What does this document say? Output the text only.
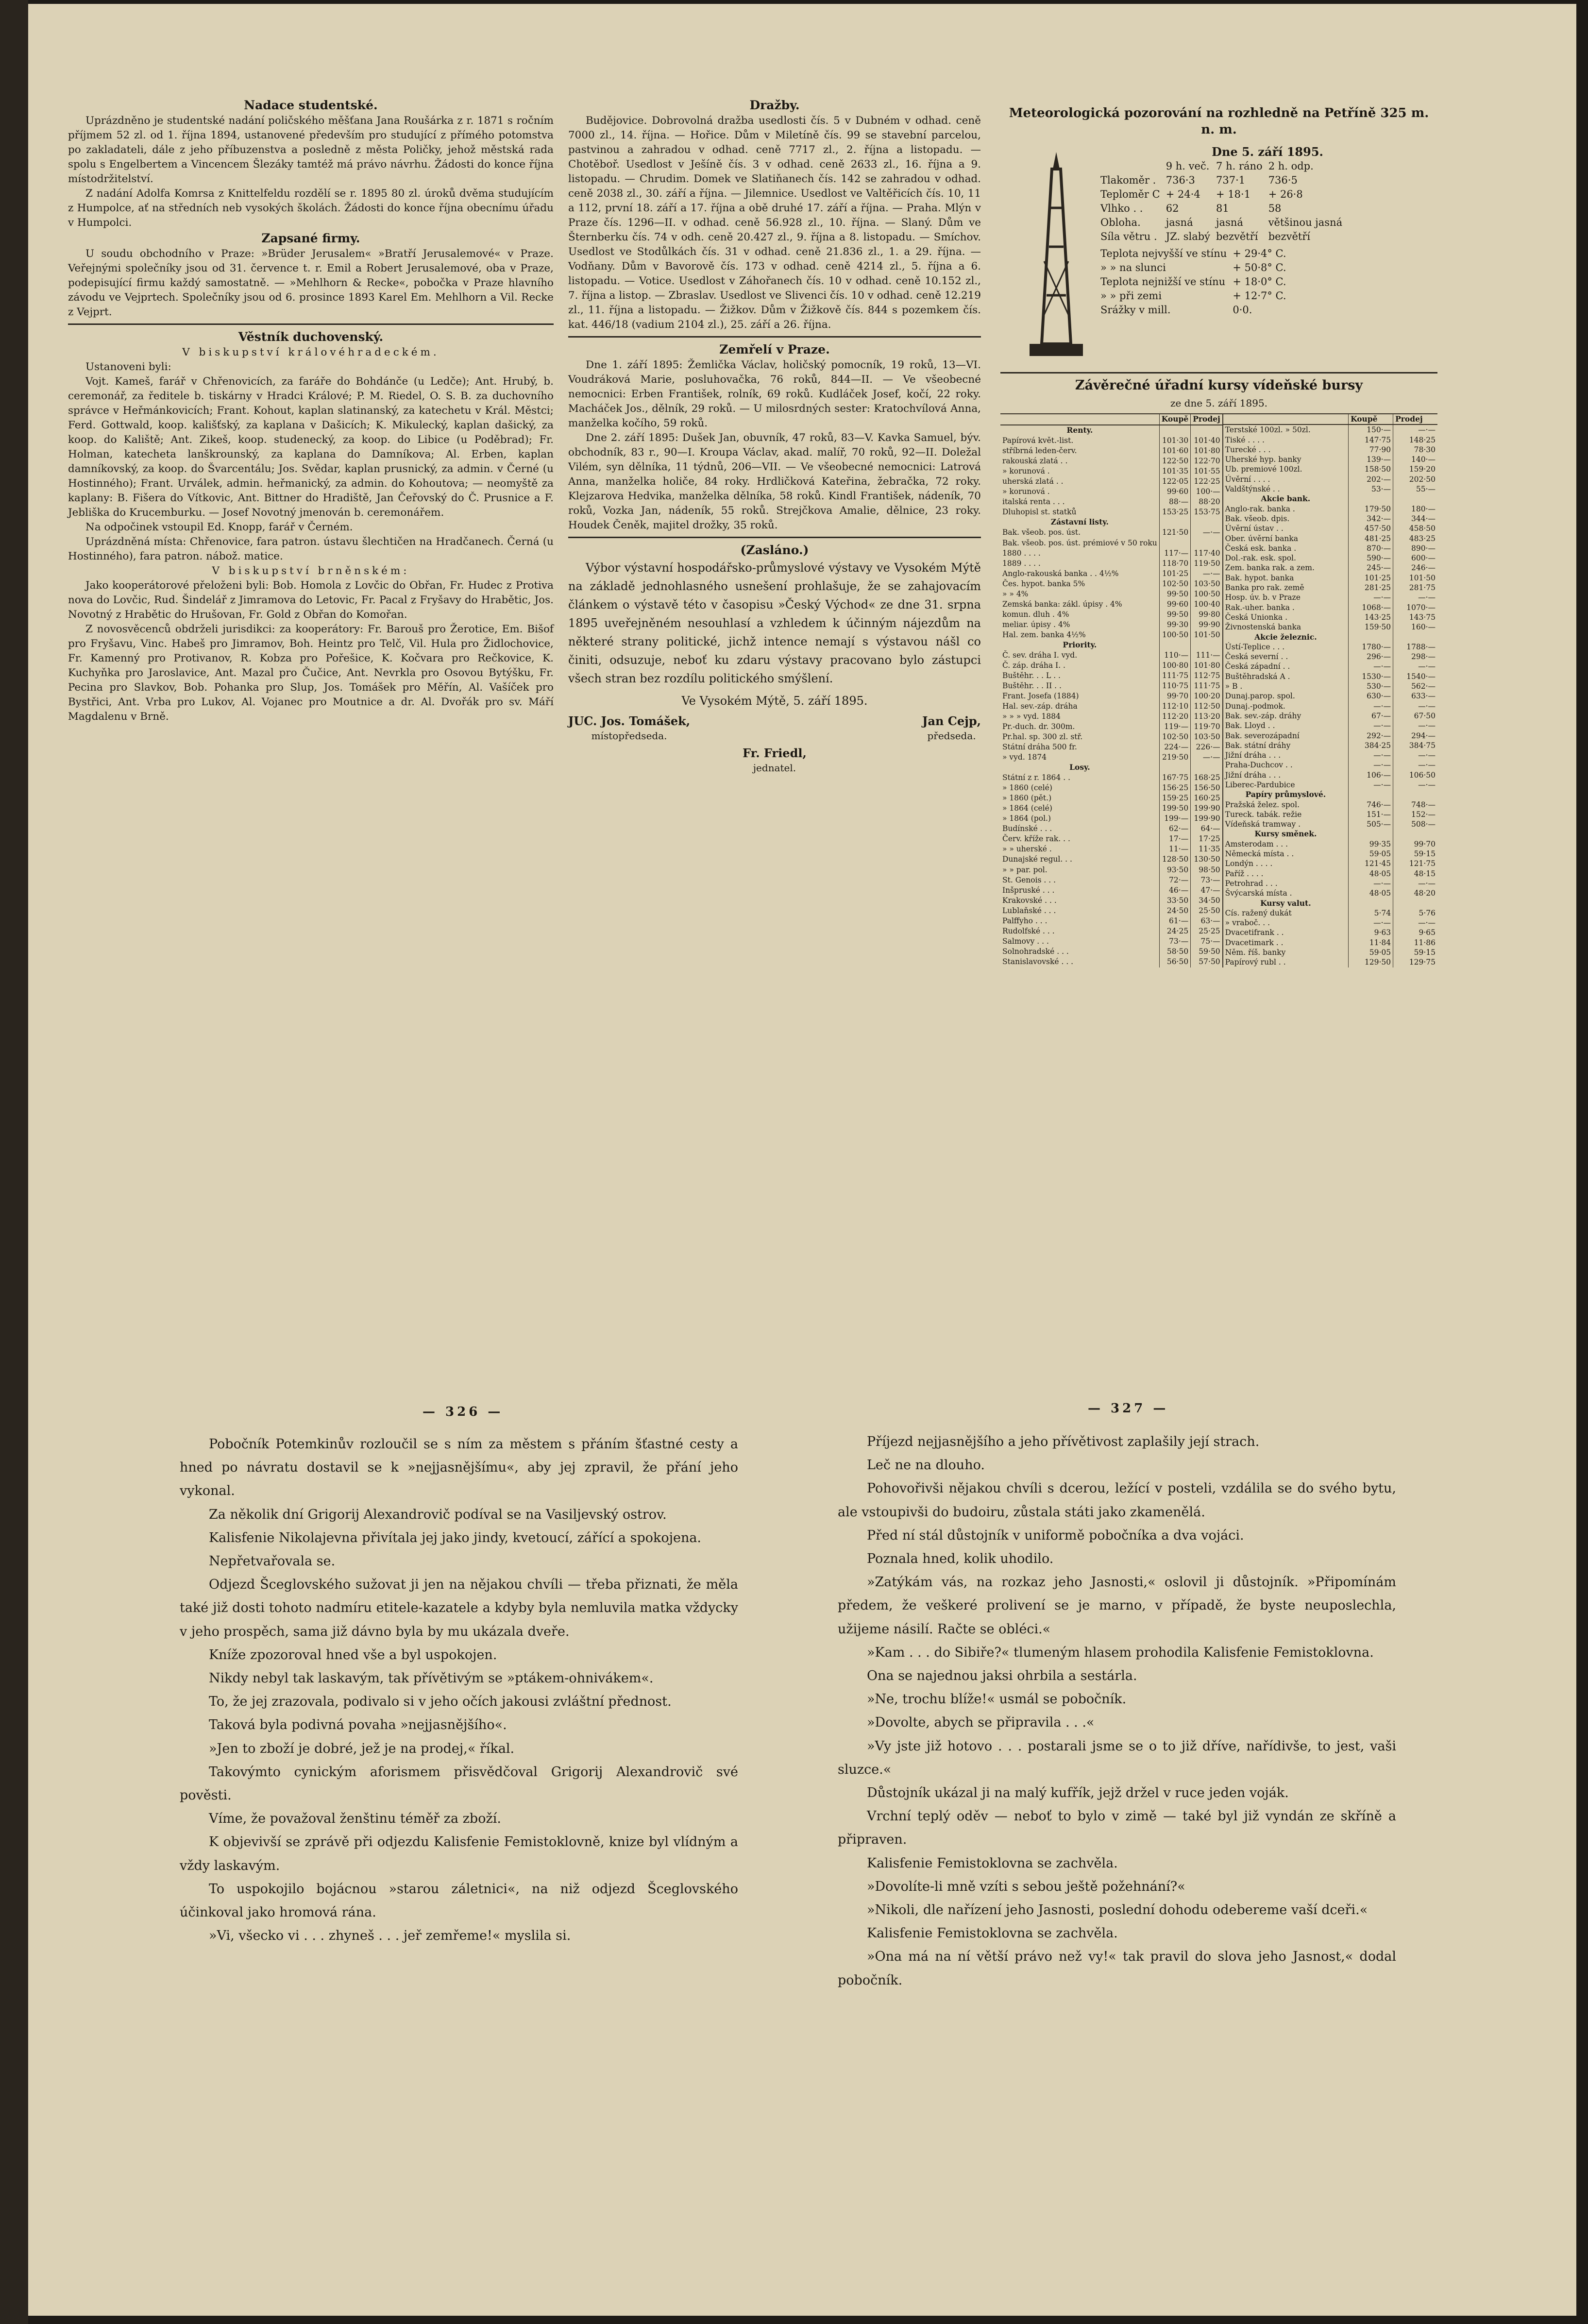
Nadace studentské.

Uprázdněno je studentské nadání poličského měšťana Jana Roušárka z r. 1871 s ročním příjmem 52 zl. od 1. října 1894, ustanovené především pro studující z přímého potomstva po zakladateli, dále z jeho příbuzenstva a posledně z města Poličky, jehož městská rada spolu s Engelbertem a Vincencem Šlezáky tamtéž má právo návrhu. Žádosti do konce října místodržitelství.

Z nadání Adolfa Komrsa z Knittelfeldu rozdělí se r. 1895 80 zl. úroků dvěma studujícím z Humpolce, ať na středních neb vysokých školách. Žádosti do konce října obecnímu úřadu v Humpolci.

Zapsané firmy.

U soudu obchodního v Praze: »Brüder Jerusalem« »Bratří Jerusalemové« v Praze. Veřejnými společníky jsou od 31. července t. r. Emil a Robert Jerusalemové, oba v Praze, podepisující firmu každý samostatně. — »Mehlhorn & Recke«, pobočka v Praze hlavního závodu ve Vejprtech. Společníky jsou od 6. prosince 1893 Karel Em. Mehlhorn a Vil. Recke z Vejprt.

Věstník duchovenský.

V biskupství královéhradeckém.

Ustanoveni byli:

Vojt. Kameš, farář v Chřenovicích, za faráře do Bohdánče (u Ledče); Ant. Hrubý, b. ceremonář, za ředitele b. tiskárny v Hradci Králové; P. M. Riedel, O. S. B. za duchovního správce v Heřmánkovicích; Frant. Kohout, kaplan slatinanský, za katechetu v Král. Městci; Ferd. Gottwald, koop. kališťský, za kaplana v Dašicích; K. Mikulecký, kaplan dašický, za koop. do Kaliště; Ant. Zikeš, koop. studenecký, za koop. do Libice (u Poděbrad); Fr. Holman, katecheta lanškrounský, za kaplana do Damníkova; Al. Erben, kaplan damníkovský, za koop. do Švarcentálu; Jos. Svědar, kaplan prusnický, za admin. v Černé (u Hostinného); Frant. Urválek, admin. heřmanický, za admin. do Kohoutova; — neomyště za kaplany: B. Fišera do Vítkovic, Ant. Bittner do Hradiště, Jan Čeřovský do Č. Prusnice a F. Jebliška do Krucemburku. — Josef Novotný jmenován b. ceremonářem.

Na odpočinek vstoupil Ed. Knopp, farář v Černém.

Uprázdněná místa: Chřenovice, fara patron. ústavu šlechtičen na Hradčanech. Černá (u Hostinného), fara patron. nábož. matice.

V biskupství brněnském:

Jako kooperátorové přeloženi byli: Bob. Homola z Lovčic do Obřan, Fr. Hudec z Protiva nova do Lovčic, Rud. Šindelář z Jimramova do Letovic, Fr. Pacal z Fryšavy do Hrabětic, Jos. Novotný z Hrabětic do Hrušovan, Fr. Gold z Obřan do Komořan.

Z novosvěcenců obdrželi jurisdikci: za kooperátory: Fr. Barouš pro Žerotice, Em. Bišof pro Fryšavu, Vinc. Habeš pro Jimramov, Boh. Heintz pro Telč, Vil. Hula pro Židlochovice, Fr. Kamenný pro Protivanov, R. Kobza pro Pořešice, K. Kočvara pro Rečkovice, K. Kuchyňka pro Jaroslavice, Ant. Mazal pro Čučice, Ant. Nevrkla pro Osovou Bytýšku, Fr. Pecina pro Slavkov, Bob. Pohanka pro Slup, Jos. Tomášek pro Měřín, Al. Vašíček pro Bystřici, Ant. Vrba pro Lukov, Al. Vojanec pro Moutnice a dr. Al. Dvořák pro sv. Máří Magdalenu v Brně.

Dražby.

Budějovice. Dobrovolná dražba usedlosti čís. 5 v Dubném v odhad. ceně 7000 zl., 14. října. — Hořice. Dům v Miletíně čís. 99 se stavební parcelou, pastvinou a zahradou v odhad. ceně 7717 zl., 2. října a listopadu. — Chotěboř. Usedlost v Ješíně čís. 3 v odhad. ceně 2633 zl., 16. října a 9. listopadu. — Chrudim. Domek ve Slatiňanech čís. 142 se zahradou v odhad. ceně 2038 zl., 30. září a října. — Jilemnice. Usedlost ve Valtěřicích čís. 10, 11 a 112, první 18. září a 17. října a obě druhé 17. září a října. — Praha. Mlýn v Praze čís. 1296—II. v odhad. ceně 56.928 zl., 10. října. — Slaný. Dům ve Šternberku čís. 74 v odh. ceně 20.427 zl., 9. října a 8. listopadu. — Smíchov. Usedlost ve Stodůlkách čís. 31 v odhad. ceně 21.836 zl., 1. a 29. října. — Vodňany. Dům v Bavorově čís. 173 v odhad. ceně 4214 zl., 5. října a 6. listopadu. — Votice. Usedlost v Záhořanech čís. 10 v odhad. ceně 10.152 zl., 7. října a listop. — Zbraslav. Usedlost ve Slivenci čís. 10 v odhad. ceně 12.219 zl., 11. října a listopadu. — Žižkov. Dům v Žižkově čís. 844 s pozemkem čís. kat. 446/18 (vadium 2104 zl.), 25. září a 26. října.

Zemřelí v Praze.

Dne 1. září 1895: Žemlička Václav, holičský pomocník, 19 roků, 13—VI. Voudráková Marie, posluhovačka, 76 roků, 844—II. — Ve všeobecné nemocnici: Erben František, rolník, 69 roků. Kudláček Josef, kočí, 22 roky. Macháček Jos., dělník, 29 roků. — U milosrdných sester: Kratochvílová Anna, manželka kočího, 59 roků.

Dne 2. září 1895: Dušek Jan, obuvník, 47 roků, 83—V. Kavka Samuel, býv. obchodník, 83 r., 90—I. Kroupa Václav, akad. malíř, 70 roků, 92—II. Doležal Vilém, syn dělníka, 11 týdnů, 206—VII. — Ve všeobecné nemocnici: Latrová Anna, manželka holiče, 84 roky. Hrdličková Kateřina, žebračka, 72 roky. Klejzarova Hedvika, manželka dělníka, 58 roků. Kindl František, nádeník, 70 roků, Vozka Jan, nádeník, 55 roků. Strejčkova Amalie, dělnice, 23 roky. Houdek Čeněk, majitel drožky, 35 roků.

(Zasláno.)

Výbor výstavní hospodářsko-průmyslové výstavy ve Vysokém Mýtě na základě jednohlasného usnešení prohlašuje, že se zahajovacím článkem o výstavě této v časopisu »Český Východ« ze dne 31. srpna 1895 uveřejněném nesouhlasí a vzhledem k účinným nájezdům na některé strany politické, jichž intence nemají s výstavou nášl co činiti, odsuzuje, neboť ku zdaru výstavy pracovano bylo zástupci všech stran bez rozdílu politického smýšlení.

Ve Vysokém Mýtě, 5. září 1895.

JUC. Jos. Tomášek,
místopředseda.
Jan Cejp,
předseda.
Fr. Friedl,
jednatel.
Meteorologická pozorování na rozhledně na Petříně 325 m. n. m.
Dne 5. září 1895.
	9 h. več.	7 h. ráno	2 h. odp.
Tlakoměr .	736·3	737·1	736·5
Teploměr C	+ 24·4	+ 18·1	+ 26·8
Vlhko . .	62	81	58
Obloha.	jasná	jasná	většinou jasná
Síla větru .	JZ. slabý	bezvětří	bezvětří
Teplota nejvyšší ve stínu	+ 29·4° C.
» » na slunci	+ 50·8° C.
Teplota nejnižší ve stínu	+ 18·0° C.
» » při zemi	+ 12·7° C.
Srážky v mill.	0·0.
Závěrečné úřadní kursy vídeňské bursy
ze dne 5. září 1895.
	Koupě	Prodej
Renty.		
Papírová květ.-list.	101·30	101·40
stříbrná leden-červ.	101·60	101·80
rakouská zlatá . .	122·50	122·70
» korunová .	101·35	101·55
uherská zlatá . .	122·05	122·25
» korunová .	99·60	100·—
italská renta . . .	88·—	88·20
Dluhopisl st. statků	153·25	153·75
Zástavní listy.		
Bak. všeob. pos. úst.	121·50	—·—
Bak. všeob. pos. úst. prémiové v 50 roku		
1880 . . . .	117·—	117·40
1889 . . . .	118·70	119·50
Anglo-rakouská banka . . 4½%	101·25	—·—
Čes. hypot. banka 5%	102·50	103·50
» » 4%	99·50	100·50
Zemská banka: zákl. úpisy . 4%	99·60	100·40
komun. dluh . 4%	99·50	99·80
meliar. úpisy . 4%	99·30	99·90
Hal. zem. banka 4½%	100·50	101·50
Priority.		
Č. sev. dráha I. vyd.	110·—	111·—
Č. záp. dráha I. .	100·80	101·80
Buštěhr. . . L . .	111·75	112·75
Buštěhr. . . II . .	110·75	111·75
Frant. Josefa (1884)	99·70	100·20
Hal. sev.-záp. dráha	112·10	112·50
» » » vyd. 1884	112·20	113·20
Pr.-duch. dr. 300m.	119·—	119·70
Pr.hal. sp. 300 zl. stř.	102·50	103·50
Státní dráha 500 fr.	224·—	226·—
» vyd. 1874	219·50	—·—
Losy.		
Státní z r. 1864 . .	167·75	168·25
» 1860 (celé)	156·25	156·50
» 1860 (pět.)	159·25	160·25
» 1864 (celé)	199·50	199·90
» 1864 (pol.)	199·—	199·90
Budínské . . .	62·—	64·—
Červ. kříže rak. . .	17·—	17·25
» » uherské .	11·—	11·35
Dunajské regul. . .	128·50	130·50
» » par. pol.	93·50	98·50
St. Genois . . .	72·—	73·—
Inšpruské . . .	46·—	47·—
Krakovské . . .	33·50	34·50
Lublaňské . . .	24·50	25·50
Palffyho . . .	61·—	63·—
Rudolfské . . .	24·25	25·25
Salmovy . . .	73·—	75·—
Solnohradské . . .	58·50	59·50
Stanislavovské . . .	56·50	57·50
	Koupě	Prodej
Terstské 100zl. » 50zl.	150·—	—·—
Tiské . . . .	147·75	148·25
Turecké . . .	77·90	78·30
Uherské hyp. banky	139·—	140·—
Ub. premiové 100zl.	158·50	159·20
Úvěrní . . . .	202·—	202·50
Valdštýnské . .	53·—	55·—
Akcie bank.		
Anglo-rak. banka .	179·50	180·—
Bak. všeob. dpis.	342·—	344·—
Úvěrní ústav . .	457·50	458·50
Ober. úvěrní banka	481·25	483·25
Česká esk. banka .	870·—	890·—
Dol.-rak. esk. spol.	590·—	600·—
Zem. banka rak. a zem.	245·—	246·—
Bak. hypot. banka	101·25	101·50
Banka pro rak. země	281·25	281·75
Hosp. úv. b. v Praze	—·—	—·—
Rak.-uher. banka .	1068·—	1070·—
Česká Unionka .	143·25	143·75
Živnostenská banka	159·50	160·—
Akcie železnic.		
Ústí-Teplice . . .	1780·—	1788·—
Česká severní . .	296·—	298·—
Česká západní . .	—·—	—·—
Buštěhradská A .	1530·—	1540·—
» B .	530·—	562·—
Dunaj.parop. spol.	630·—	633·—
Dunaj.-podmok.	—·—	—·—
Bak. sev.-záp. dráhy	67·—	67·50
Bak. Lloyd . .	—·—	—·—
Bak. severozápadní	292·—	294·—
Bak. státní dráhy	384·25	384·75
Jižní dráha . . .	—·—	—·—
Praha-Duchcov . .	—·—	—·—
Jižní dráha . . .	106·—	106·50
Liberec-Pardubice	—·—	—·—
Papíry průmyslové.		
Pražská želez. spol.	746·—	748·—
Tureck. tabák. režie	151·—	152·—
Vídeňská tramway .	505·—	508·—
Kursy směnek.		
Amsterodam . . .	99·35	99·70
Německá místa . .	59·05	59·15
Londýn . . . .	121·45	121·75
Paříž . . . .	48·05	48·15
Petrohrad . . .	—·—	—·—
Švýcarská místa .	48·05	48·20
Kursy valut.		
Cís. ražený dukát	5·74	5·76
» vraboč. . .	—·—	—·—
Dvacetifrank . .	9·63	9·65
Dvacetimark . .	11·84	11·86
Něm. říš. banky	59·05	59·15
Papírový rubl . .	129·50	129·75
— 326 —	— 327 —

Pobočník Potemkinův rozloučil se s ním za městem s přáním šťastné cesty a hned po návratu dostavil se k »nejjasnějšímu«, aby jej zpravil, že přání jeho vykonal.

Za několik dní Grigorij Alexandrovič podíval se na Vasiljevský ostrov.

Kalisfenie Nikolajevna přivítala jej jako jindy, kvetoucí, zářící a spokojena.

Nepřetvařovala se.

Odjezd Šceglovského sužovat ji jen na nějakou chvíli — třeba přiznati, že měla také již dosti tohoto nadmíru etitele-kazatele a kdyby byla nemluvila matka vždycky v jeho prospěch, sama již dávno byla by mu ukázala dveře.

Kníže zpozoroval hned vše a byl uspokojen.

Nikdy nebyl tak laskavým, tak přívětivým se »ptákem-ohnivákem«.

To, že jej zrazovala, podivalo si v jeho očích jakousi zvláštní přednost.

Taková byla podivná povaha »nejjasnějšího«.

»Jen to zboží je dobré, jež je na prodej,« říkal.

Takovýmto cynickým aforismem přisvědčoval Grigorij Alexandrovič své pověsti.

Víme, že považoval ženštinu téměř za zboží.

K objevivší se zprávě při odjezdu Kalisfenie Femistoklovně, knize byl vlídným a vždy laskavým.

To uspokojilo bojácnou »starou záletnici«, na niž odjezd Šceglovského účinkoval jako hromová rána.

»Vi, všecko vi . . . zhyneš . . . jeř zemřeme!« myslila si.

Příjezd nejjasnějšího a jeho přívětivost zaplašily její strach.

Leč ne na dlouho.

Pohovořivši nějakou chvíli s dcerou, ležící v posteli, vzdálila se do svého bytu, ale vstoupivši do budoiru, zůstala státi jako zkamenělá.

Před ní stál důstojník v uniformě pobočníka a dva vojáci.

Poznala hned, kolik uhodilo.

»Zatýkám vás, na rozkaz jeho Jasnosti,« oslovil ji důstojník. »Připomínám předem, že veškeré prolivení se je marno, v případě, že byste neuposlechla, užijeme násilí. Račte se obléci.«

»Kam . . . do Sibiře?« tlumeným hlasem prohodila Kalisfenie Femistoklovna.

Ona se najednou jaksi ohrbila a sestárla.

»Ne, trochu blíže!« usmál se pobočník.

»Dovolte, abych se připravila . . .«

»Vy jste již hotovo . . . postarali jsme se o to již dříve, nařídivše, to jest, vaši sluzce.«

Důstojník ukázal ji na malý kufřík, jejž držel v ruce jeden voják.

Vrchní teplý oděv — neboť to bylo v zimě — také byl již vyndán ze skříně a připraven.

Kalisfenie Femistoklovna se zachvěla.

»Dovolíte-li mně vzíti s sebou ještě požehnání?«

»Nikoli, dle nařízení jeho Jasnosti, poslední dohodu odebereme vaší dceři.«

Kalisfenie Femistoklovna se zachvěla.

»Ona má na ní větší právo než vy!« tak pravil do slova jeho Jasnost,« dodal pobočník.
